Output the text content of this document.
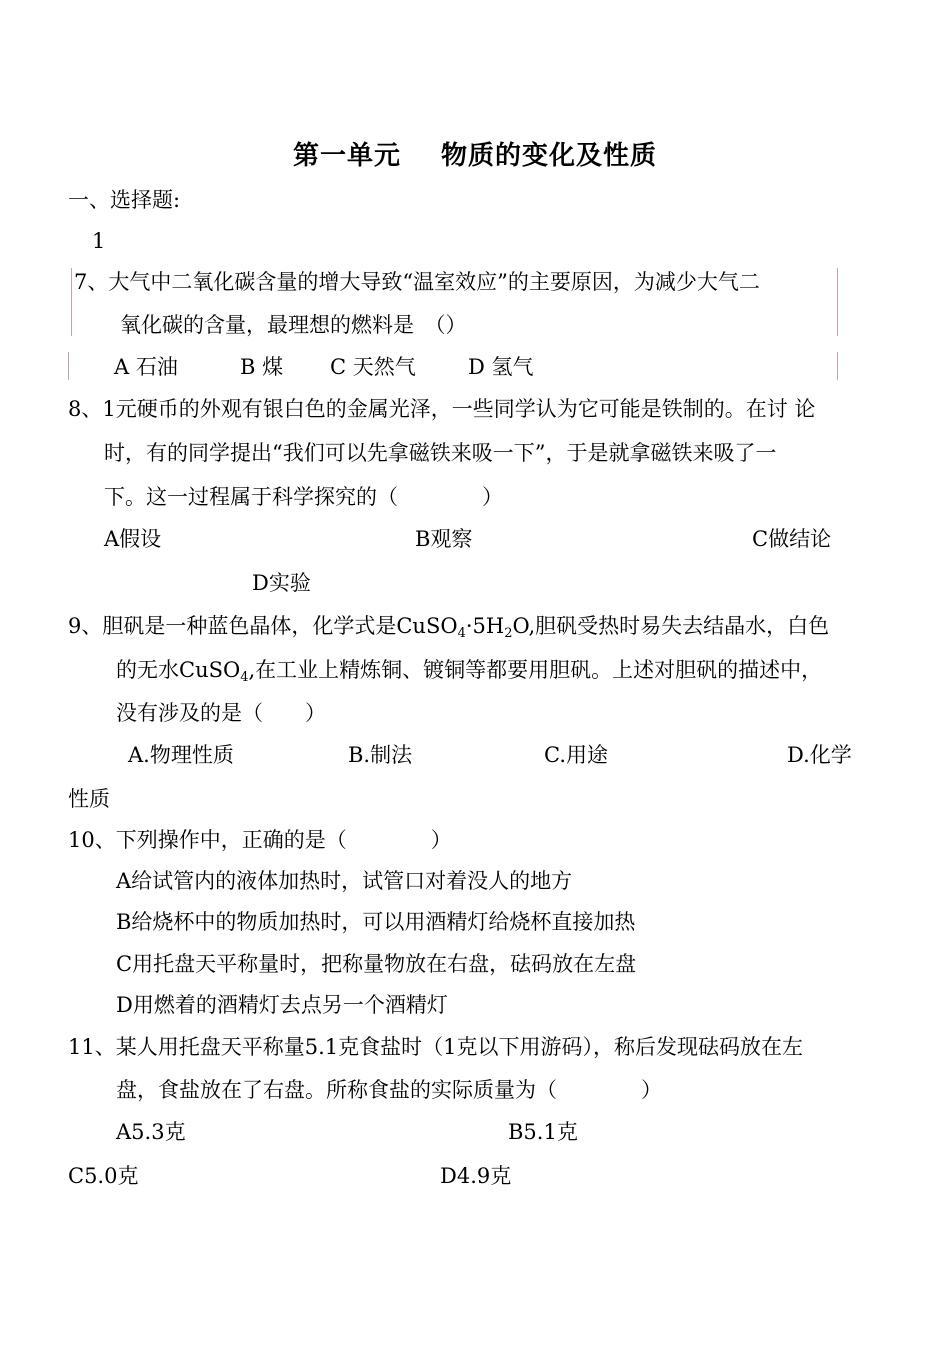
第一单元 物质的变化及性质
一、选择题:
1
7、大气中二氧化碳含量的增大导致“温室效应”的主要原因，为减少大气二
氧化碳的含量，最理想的燃料是　（）
A 石油	B 煤 C 天然气 D 氢气
8、1元硬币的外观有银白色的金属光泽，一些同学认为它可能是铁制的。在讨 论
时，有的同学提出“我们可以先拿磁铁来吸一下”，于是就拿磁铁来吸了一
下。这一过程属于科学探究的（　　　　）
A假设	B观察	C做结论
D实验
9、胆矾是一种蓝色晶体，化学式是$CuSO_4\cdot 5H_2O$,胆矾受热时易失去结晶水，白色
的无水CuSO$_4$,在工业上精炼铜、镀铜等都要用胆矾。上述对胆矾的描述中，
没有涉及的是（　　）
A.物理性质	B.制法	C.用途	D.化学
性质
10、下列操作中，正确的是（　　　　）
A给试管内的液体加热时，试管口对着没人的地方
B给烧杯中的物质加热时，可以用酒精灯给烧杯直接加热
C用托盘天平称量时，把称量物放在右盘，砝码放在左盘
D用燃着的酒精灯去点另一个酒精灯
11、某人用托盘天平称量5.1克食盐时（1克以下用游码），称后发现砝码放在左
盘，食盐放在了右盘。所称食盐的实际质量为（　　　　）
A5.3克	B5.1克
C5.0克	D4.9克
